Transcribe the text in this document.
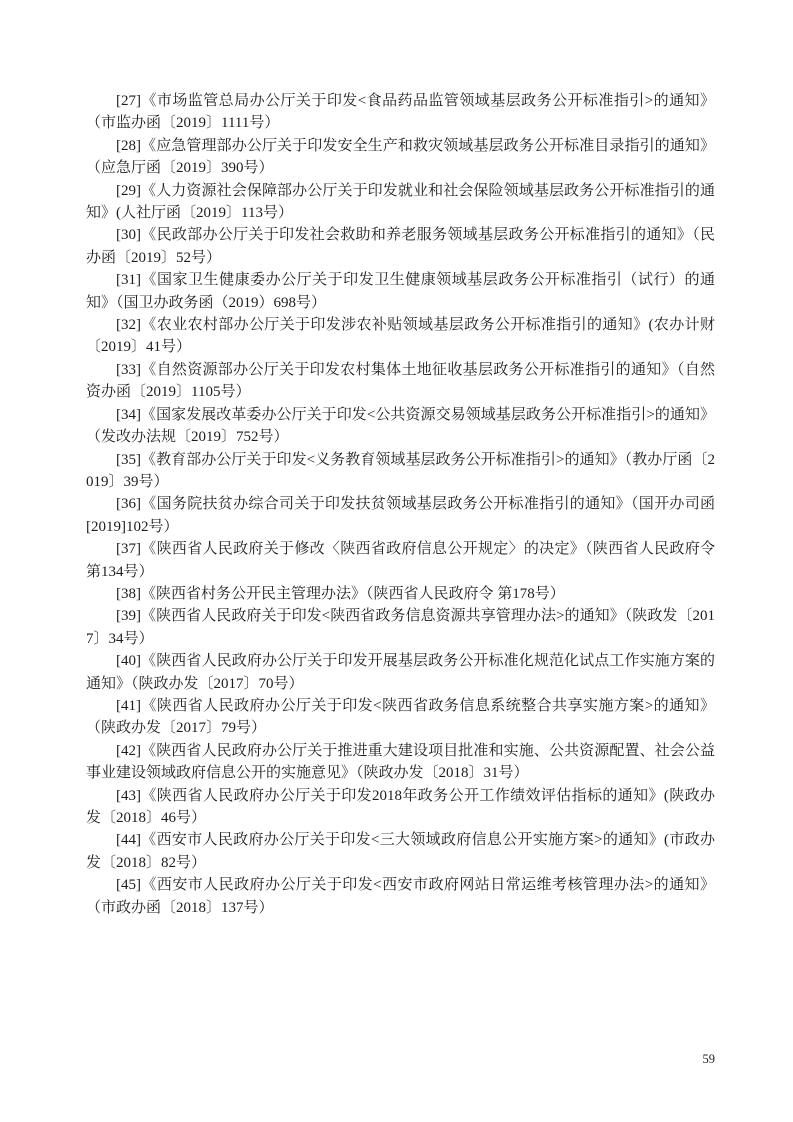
[27]《市场监管总局办公厅关于印发<食品药品监管领域基层政务公开标准指引>的通知》（市监办函〔2019〕1111号）

[28]《应急管理部办公厅关于印发安全生产和救灾领域基层政务公开标准目录指引的通知》（应急厅函〔2019〕390号）

[29]《人力资源社会保障部办公厅关于印发就业和社会保险领域基层政务公开标准指引的通知》(人社厅函〔2019〕113号）

[30]《民政部办公厅关于印发社会救助和养老服务领域基层政务公开标准指引的通知》（民办函〔2019〕52号）

[31]《国家卫生健康委办公厅关于印发卫生健康领域基层政务公开标准指引（试行）的通知》（国卫办政务函（2019）698号）

[32]《农业农村部办公厅关于印发涉农补贴领域基层政务公开标准指引的通知》(农办计财〔2019〕41号）

[33]《自然资源部办公厅关于印发农村集体土地征收基层政务公开标准指引的通知》（自然资办函〔2019〕1105号）

[34]《国家发展改革委办公厅关于印发<公共资源交易领域基层政务公开标准指引>的通知》（发改办法规〔2019〕752号）

[35]《教育部办公厅关于印发<义务教育领域基层政务公开标准指引>的通知》（教办厅函〔2019〕39号）

[36]《国务院扶贫办综合司关于印发扶贫领域基层政务公开标准指引的通知》（国开办司函[2019]102号）

[37]《陕西省人民政府关于修改〈陕西省政府信息公开规定〉的决定》（陕西省人民政府令第134号）

[38]《陕西省村务公开民主管理办法》（陕西省人民政府令 第178号）

[39]《陕西省人民政府关于印发<陕西省政务信息资源共享管理办法>的通知》（陕政发〔2017〕34号）

[40]《陕西省人民政府办公厅关于印发开展基层政务公开标准化规范化试点工作实施方案的通知》（陕政办发〔2017〕70号）

[41]《陕西省人民政府办公厅关于印发<陕西省政务信息系统整合共享实施方案>的通知》（陕政办发〔2017〕79号）

[42]《陕西省人民政府办公厅关于推进重大建设项目批准和实施、公共资源配置、社会公益事业建设领域政府信息公开的实施意见》（陕政办发〔2018〕31号）

[43]《陕西省人民政府办公厅关于印发2018年政务公开工作绩效评估指标的通知》(陕政办发〔2018〕46号）

[44]《西安市人民政府办公厅关于印发<三大领域政府信息公开实施方案>的通知》(市政办发〔2018〕82号）

[45]《西安市人民政府办公厅关于印发<西安市政府网站日常运维考核管理办法>的通知》（市政办函〔2018〕137号）

59
